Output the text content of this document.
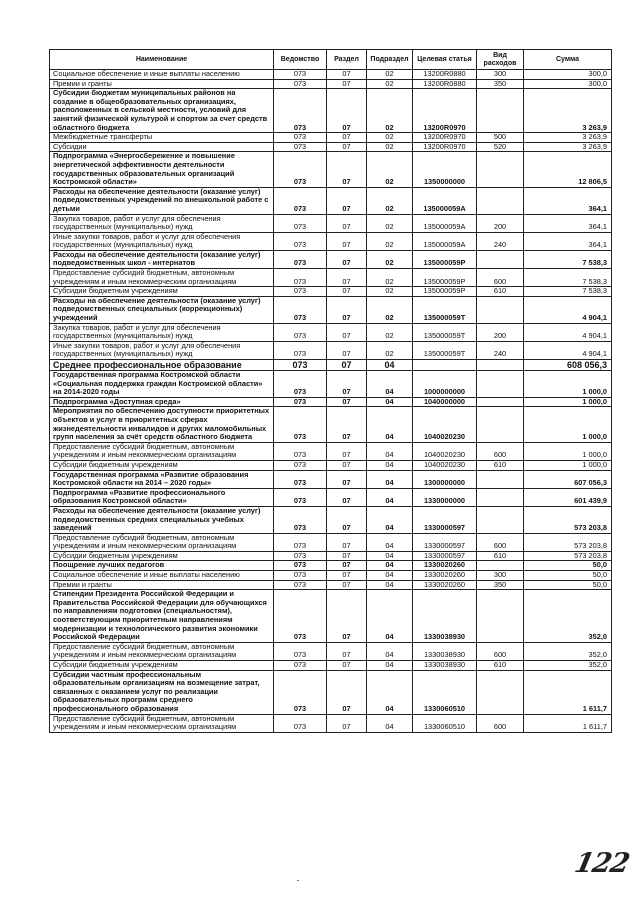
Наименование	Ведомство	Раздел	Подраздел	Целевая статья	Вид расходов	Сумма
Социальное обеспечение и иные выплаты населению	073	07	02	13200R0880	300	300,0
Премии и гранты	073	07	02	13200R0880	350	300,0
Субсидии бюджетам муниципальных районов на создание в общеобразовательных организациях, расположенных в сельской местности, условий для занятий физической культурой и спортом за счет средств областного бюджета	073	07	02	13200R0970		3 263,9
Межбюджетные трансферты	073	07	02	13200R0970	500	3 263,9
Субсидии	073	07	02	13200R0970	520	3 263,9
Подпрограмма «Энергосбережение и повышение энергетической эффективности деятельности государственных образовательных организаций Костромской области»	073	07	02	1350000000		12 806,5
Расходы на обеспечение деятельности (оказание услуг) подведомственных учреждений по внешкольной работе с детьми	073	07	02	135000059А		364,1
Закупка товаров, работ и услуг для обеспечения государственных (муниципальных) нужд	073	07	02	135000059А	200	364,1
Иные закупки товаров, работ и услуг для обеспечения государственных (муниципальных) нужд	073	07	02	135000059А	240	364,1
Расходы на обеспечение деятельности (оказание услуг) подведомственных школ - интернатов	073	07	02	135000059Р		7 538,3
Предоставление субсидий бюджетным, автономным учреждениям и иным некоммерческим организациям	073	07	02	135000059Р	600	7 538,3
Субсидии бюджетным учреждениям	073	07	02	135000059Р	610	7 538,3
Расходы на обеспечение деятельности (оказание услуг) подведомственных специальных (коррекционных) учреждений	073	07	02	135000059Т		4 904,1
Закупка товаров, работ и услуг для обеспечения государственных (муниципальных) нужд	073	07	02	135000059Т	200	4 904,1
Иные закупки товаров, работ и услуг для обеспечения государственных (муниципальных) нужд	073	07	02	135000059Т	240	4 904,1
Среднее профессиональное образование	073	07	04			608 056,3
Государственная программа Костромской области «Социальная поддержка граждан Костромской области» на 2014-2020 годы	073	07	04	1000000000		1 000,0
Подпрограмма «Доступная среда»	073	07	04	1040000000		1 000,0
Мероприятия по обеспечению доступности приоритетных объектов и услуг в приоритетных сферах жизнедеятельности инвалидов и других маломобильных групп населения за счёт средств областного бюджета	073	07	04	1040020230		1 000,0
Предоставление субсидий бюджетным, автономным учреждениям и иным некоммерческим организациям	073	07	04	1040020230	600	1 000,0
Субсидии бюджетным учреждениям	073	07	04	1040020230	610	1 000,0
Государственная программа «Развитие образования Костромской области на 2014 – 2020 годы»	073	07	04	1300000000		607 056,3
Подпрограмма «Развитие профессионального образования Костромской области»	073	07	04	1330000000		601 439,9
Расходы на обеспечение деятельности (оказание услуг) подведомственных средних специальных учебных заведений	073	07	04	1330000597		573 203,8
Предоставление субсидий бюджетным, автономным учреждениям и иным некоммерческим организациям	073	07	04	1330000597	600	573 203,8
Субсидии бюджетным учреждениям	073	07	04	1330000597	610	573 203,8
Поощрение лучших педагогов	073	07	04	1330020260		50,0
Социальное обеспечение и иные выплаты населению	073	07	04	1330020260	300	50,0
Премии и гранты	073	07	04	1330020260	350	50,0
Стипендии Президента Российской Федерации и Правительства Российской Федерации для обучающихся по направлениям подготовки (специальностям), соответствующим приоритетным направлениям модернизации и технологического развития экономики Российской Федерации	073	07	04	1330038930		352,0
Предоставление субсидий бюджетным, автономным учреждениям и иным некоммерческим организациям	073	07	04	1330038930	600	352,0
Субсидии бюджетным учреждениям	073	07	04	1330038930	610	352,0
Субсидии частным профессиональным образовательным организациям на возмещение затрат, связанных с оказанием услуг по реализации образовательных программ среднего профессионального образования	073	07	04	1330060510		1 611,7
Предоставление субсидий бюджетным, автономным учреждениям и иным некоммерческим организациям	073	07	04	1330060510	600	1 611,7
122
